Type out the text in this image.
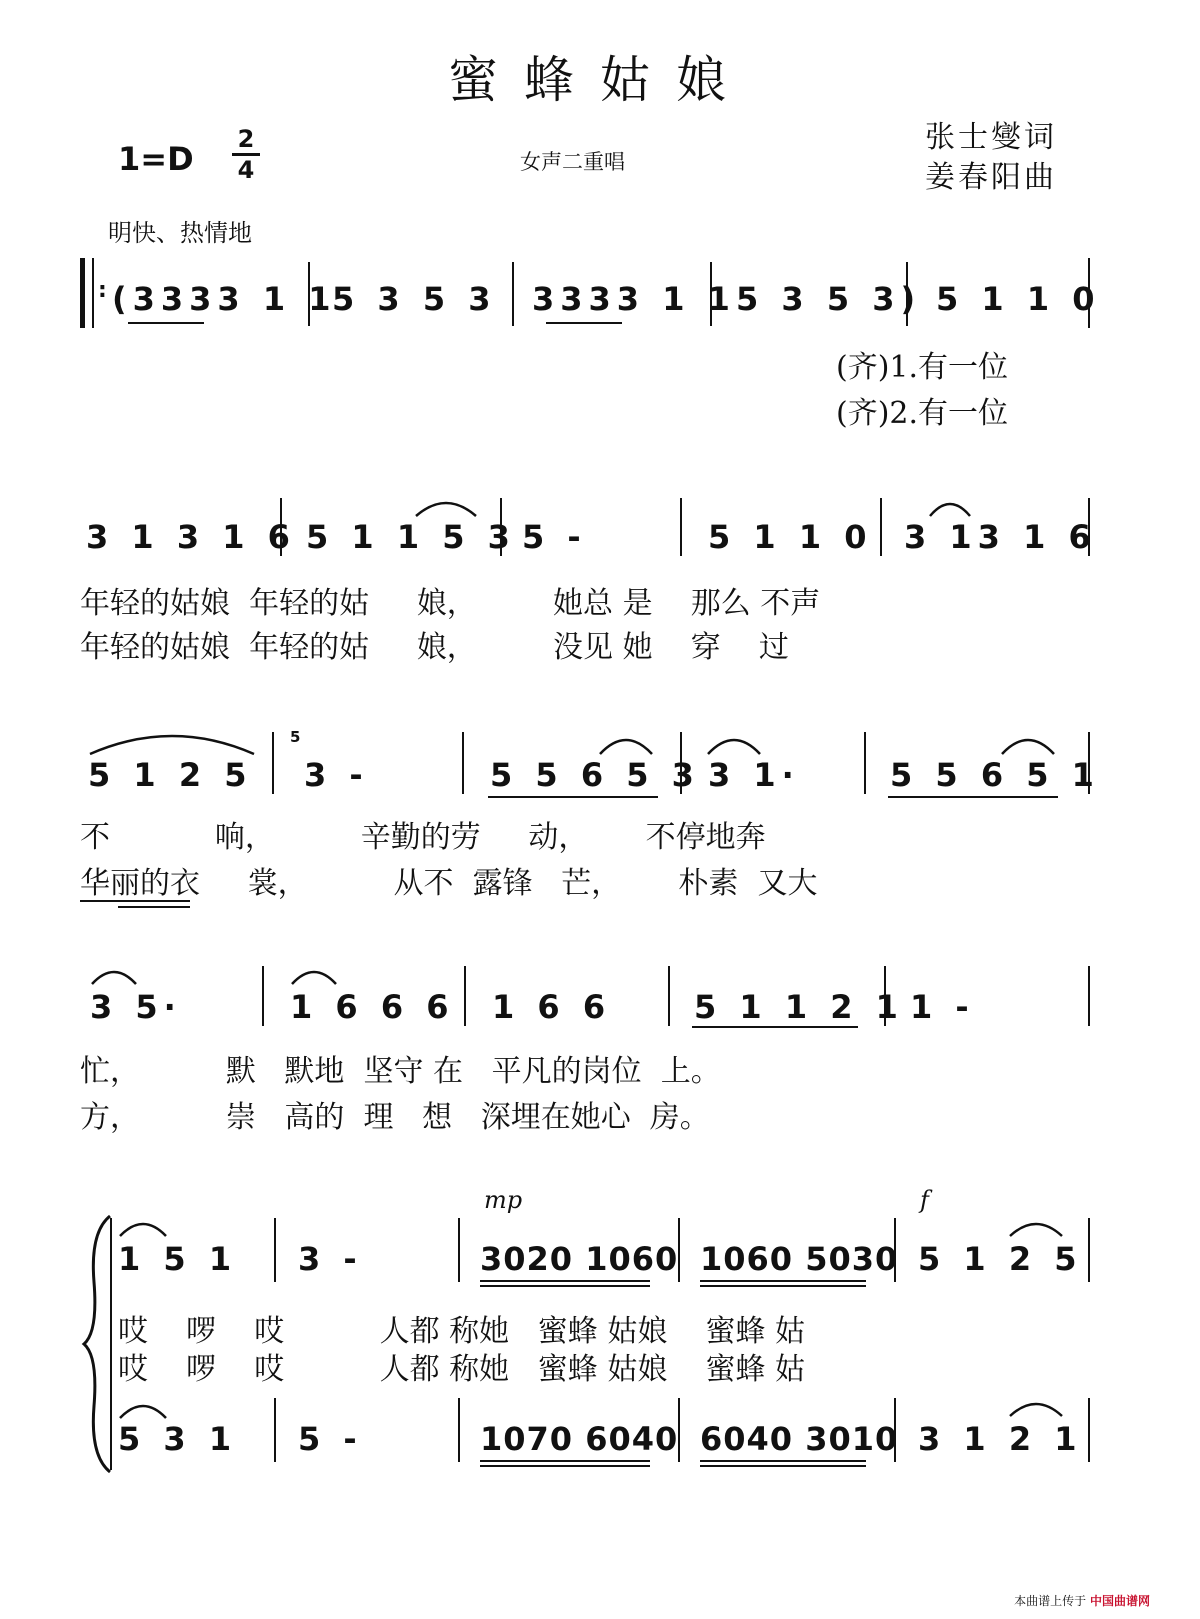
蜜蜂姑娘
1=D
2
4	女声二重唱
张士燮词
姜春阳曲
明快、热情地
: (3333 1 1
5 3 5 3 3333 1 1 5 3 5 3) 5 1 1 0
(齐)1.有一位
(齐)2.有一位
3 1 3 1 6 5 1 1 5 3 5 -	5 1 1 0 3 13 1 6
年轻的姑娘  年轻的姑     娘，        她总 是    那么 不声
年轻的姑娘  年轻的姑     娘，        没见 她    穿    过
5 1 2 5
5
3 -	5 5 6 5 3 3 1·	5 5 6 5 1
不           响，         辛勤的劳     动，      不停地奔
华丽的衣     裳，         从不  露锋   芒，      朴素  又大
3 5·	1 6 6 6 1 6 6	5 1 1 2 1 1 -
忙，         默   默地  坚守 在   平凡的岗位  上。
方，         崇   高的  理   想   深埋在她心  房。
mp	f
1 5 1 3 -	3020 1060 1060 5030 5 1 2 5
哎    啰    哎          人都 称她   蜜蜂 姑娘    蜜蜂 姑
哎    啰    哎          人都 称她   蜜蜂 姑娘    蜜蜂 姑
5 3 1 5 -	1070 6040 6040 3010 3 1 2 1
本曲谱上传于 中国曲谱网
